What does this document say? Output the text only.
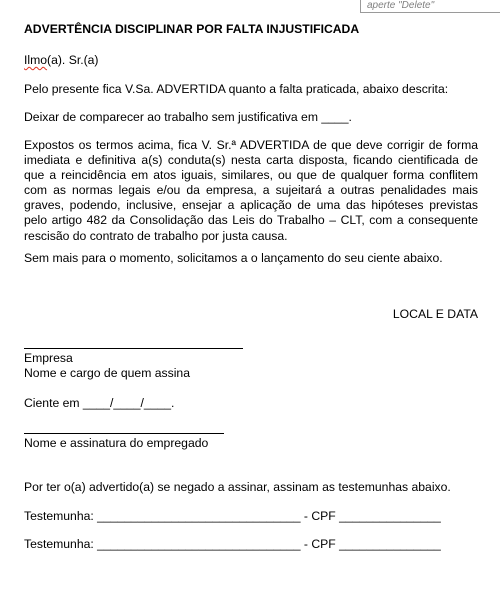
aperte "Delete"
ADVERTÊNCIA DISCIPLINAR POR FALTA INJUSTIFICADA
Ilmo(a). Sr.(a)
Pelo presente fica V.Sa. ADVERTIDA quanto a falta praticada, abaixo descrita:
Deixar de comparecer ao trabalho sem justificativa em ____.
Expostos os termos acima, fica V. Sr.ª ADVERTIDA de que deve corrigir de forma imediata e definitiva a(s) conduta(s) nesta carta disposta, ficando cientificada de que a reincidência em atos iguais, similares, ou que de qualquer forma conflitem com as normas legais e/ou da empresa, a sujeitará a outras penalidades mais graves, podendo, inclusive, ensejar a aplicação de uma das hipóteses previstas pelo artigo 482 da Consolidação das Leis do Trabalho – CLT, com a consequente rescisão do contrato de trabalho por justa causa.
Sem mais para o momento, solicitamos a o lançamento do seu ciente abaixo.
LOCAL E DATA
Empresa
Nome e cargo de quem assina
Ciente em ____/____/____.
Nome e assinatura do empregado
Por ter o(a) advertido(a) se negado a assinar, assinam as testemunhas abaixo.
Testemunha: ______________________________ - CPF _______________
Testemunha: ______________________________ - CPF _______________
